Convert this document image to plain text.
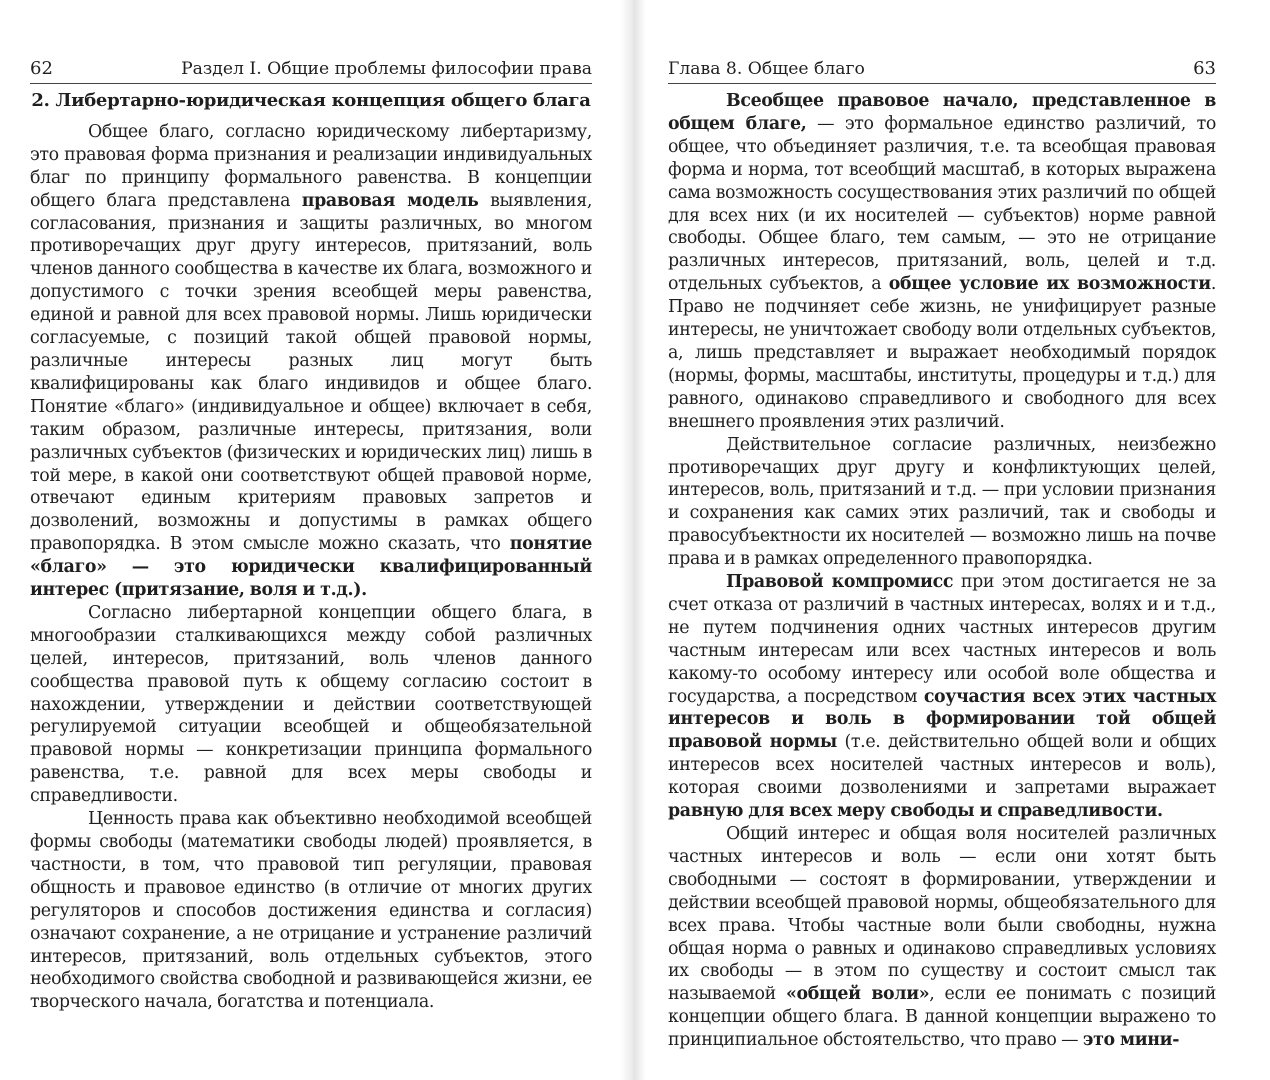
62	Раздел I. Общие проблемы философии права
2. Либертарно-юридическая концепция общего блага

Общее благо, согласно юридическому либертаризму, это правовая форма признания и реализации индивидуальных благ по принципу формального равенства. В концепции общего блага представлена правовая модель выявления, согласования, признания и защиты различных, во многом противоречащих друг другу интересов, притязаний, воль членов данного сообщества в качестве их блага, возможного и допустимого с точки зрения всеобщей меры равенства, единой и равной для всех правовой нормы. Лишь юридически согласуемые, с позиций такой общей правовой нормы, различные интересы разных лиц могут быть квалифицированы как благо индивидов и общее благо. Понятие «благо» (индивидуальное и общее) включает в себя, таким образом, различные интересы, притязания, воли различных субъектов (физических и юридических лиц) лишь в той мере, в какой они соответствуют общей правовой норме, отвечают единым критериям правовых запретов и дозволений, возможны и допустимы в рамках общего правопорядка. В этом смысле можно сказать, что понятие «благо» — это юридически квалифицированный интерес (притязание, воля и т.д.).

Согласно либертарной концепции общего блага, в многообразии сталкивающихся между собой различных целей, интересов, притязаний, воль членов данного сообщества правовой путь к общему согласию состоит в нахождении, утверждении и действии соответствующей регулируемой ситуации всеобщей и общеобязательной правовой нормы — конкретизации принципа формального равенства, т.е. равной для всех меры свободы и справедливости.

Ценность права как объективно необходимой всеобщей формы свободы (математики свободы людей) проявляется, в частности, в том, что правовой тип регуляции, правовая общность и правовое единство (в отличие от многих других регуляторов и способов достижения единства и согласия) означают сохранение, а не отрицание и устранение различий интересов, притязаний, воль отдельных субъектов, этого необходимого свойства свободной и развивающейся жизни, ее творческого начала, богатства и потенциала.

Глава 8. Общее благо	63

Всеобщее правовое начало, представленное в общем благе, — это формальное единство различий, то общее, что объединяет различия, т.е. та всеобщая правовая форма и норма, тот всеобщий масштаб, в которых выражена сама возможность сосуществования этих различий по общей для всех них (и их носителей — субъектов) норме равной свободы. Общее благо, тем самым, — это не отрицание различных интересов, притязаний, воль, целей и т.д. отдельных субъектов, а общее условие их возможности. Право не подчиняет себе жизнь, не унифицирует разные интересы, не уничтожает свободу воли отдельных субъектов, а, лишь представляет и выражает необходимый порядок (нормы, формы, масштабы, институты, процедуры и т.д.) для равного, одинаково справедливого и свободного для всех внешнего проявления этих различий.

Действительное согласие различных, неизбежно противоречащих друг другу и конфликтующих целей, интересов, воль, притязаний и т.д. — при условии признания и сохранения как самих этих различий, так и свободы и правосубъектности их носителей — возможно лишь на почве права и в рамках определенного правопорядка.

Правовой компромисс при этом достигается не за счет отказа от различий в частных интересах, волях и и т.д., не путем подчинения одних частных интересов другим частным интересам или всех частных интересов и воль какому-то особому интересу или особой воле общества и государства, а посредством соучастия всех этих частных интересов и воль в формировании той общей правовой нормы (т.е. действительно общей воли и общих интересов всех носителей частных интересов и воль), которая своими дозволениями и запретами выражает равную для всех меру свободы и справедливости.

Общий интерес и общая воля носителей различных частных интересов и воль — если они хотят быть свободными — состоят в формировании, утверждении и действии всеобщей правовой нормы, общеобязательного для всех права. Чтобы частные воли были свободны, нужна общая норма о равных и одинаково справедливых условиях их свободы — в этом по существу и состоит смысл так называемой «общей воли», если ее понимать с позиций концепции общего блага. В данной концепции выражено то принципиальное обстоятельство, что право — это мини-
